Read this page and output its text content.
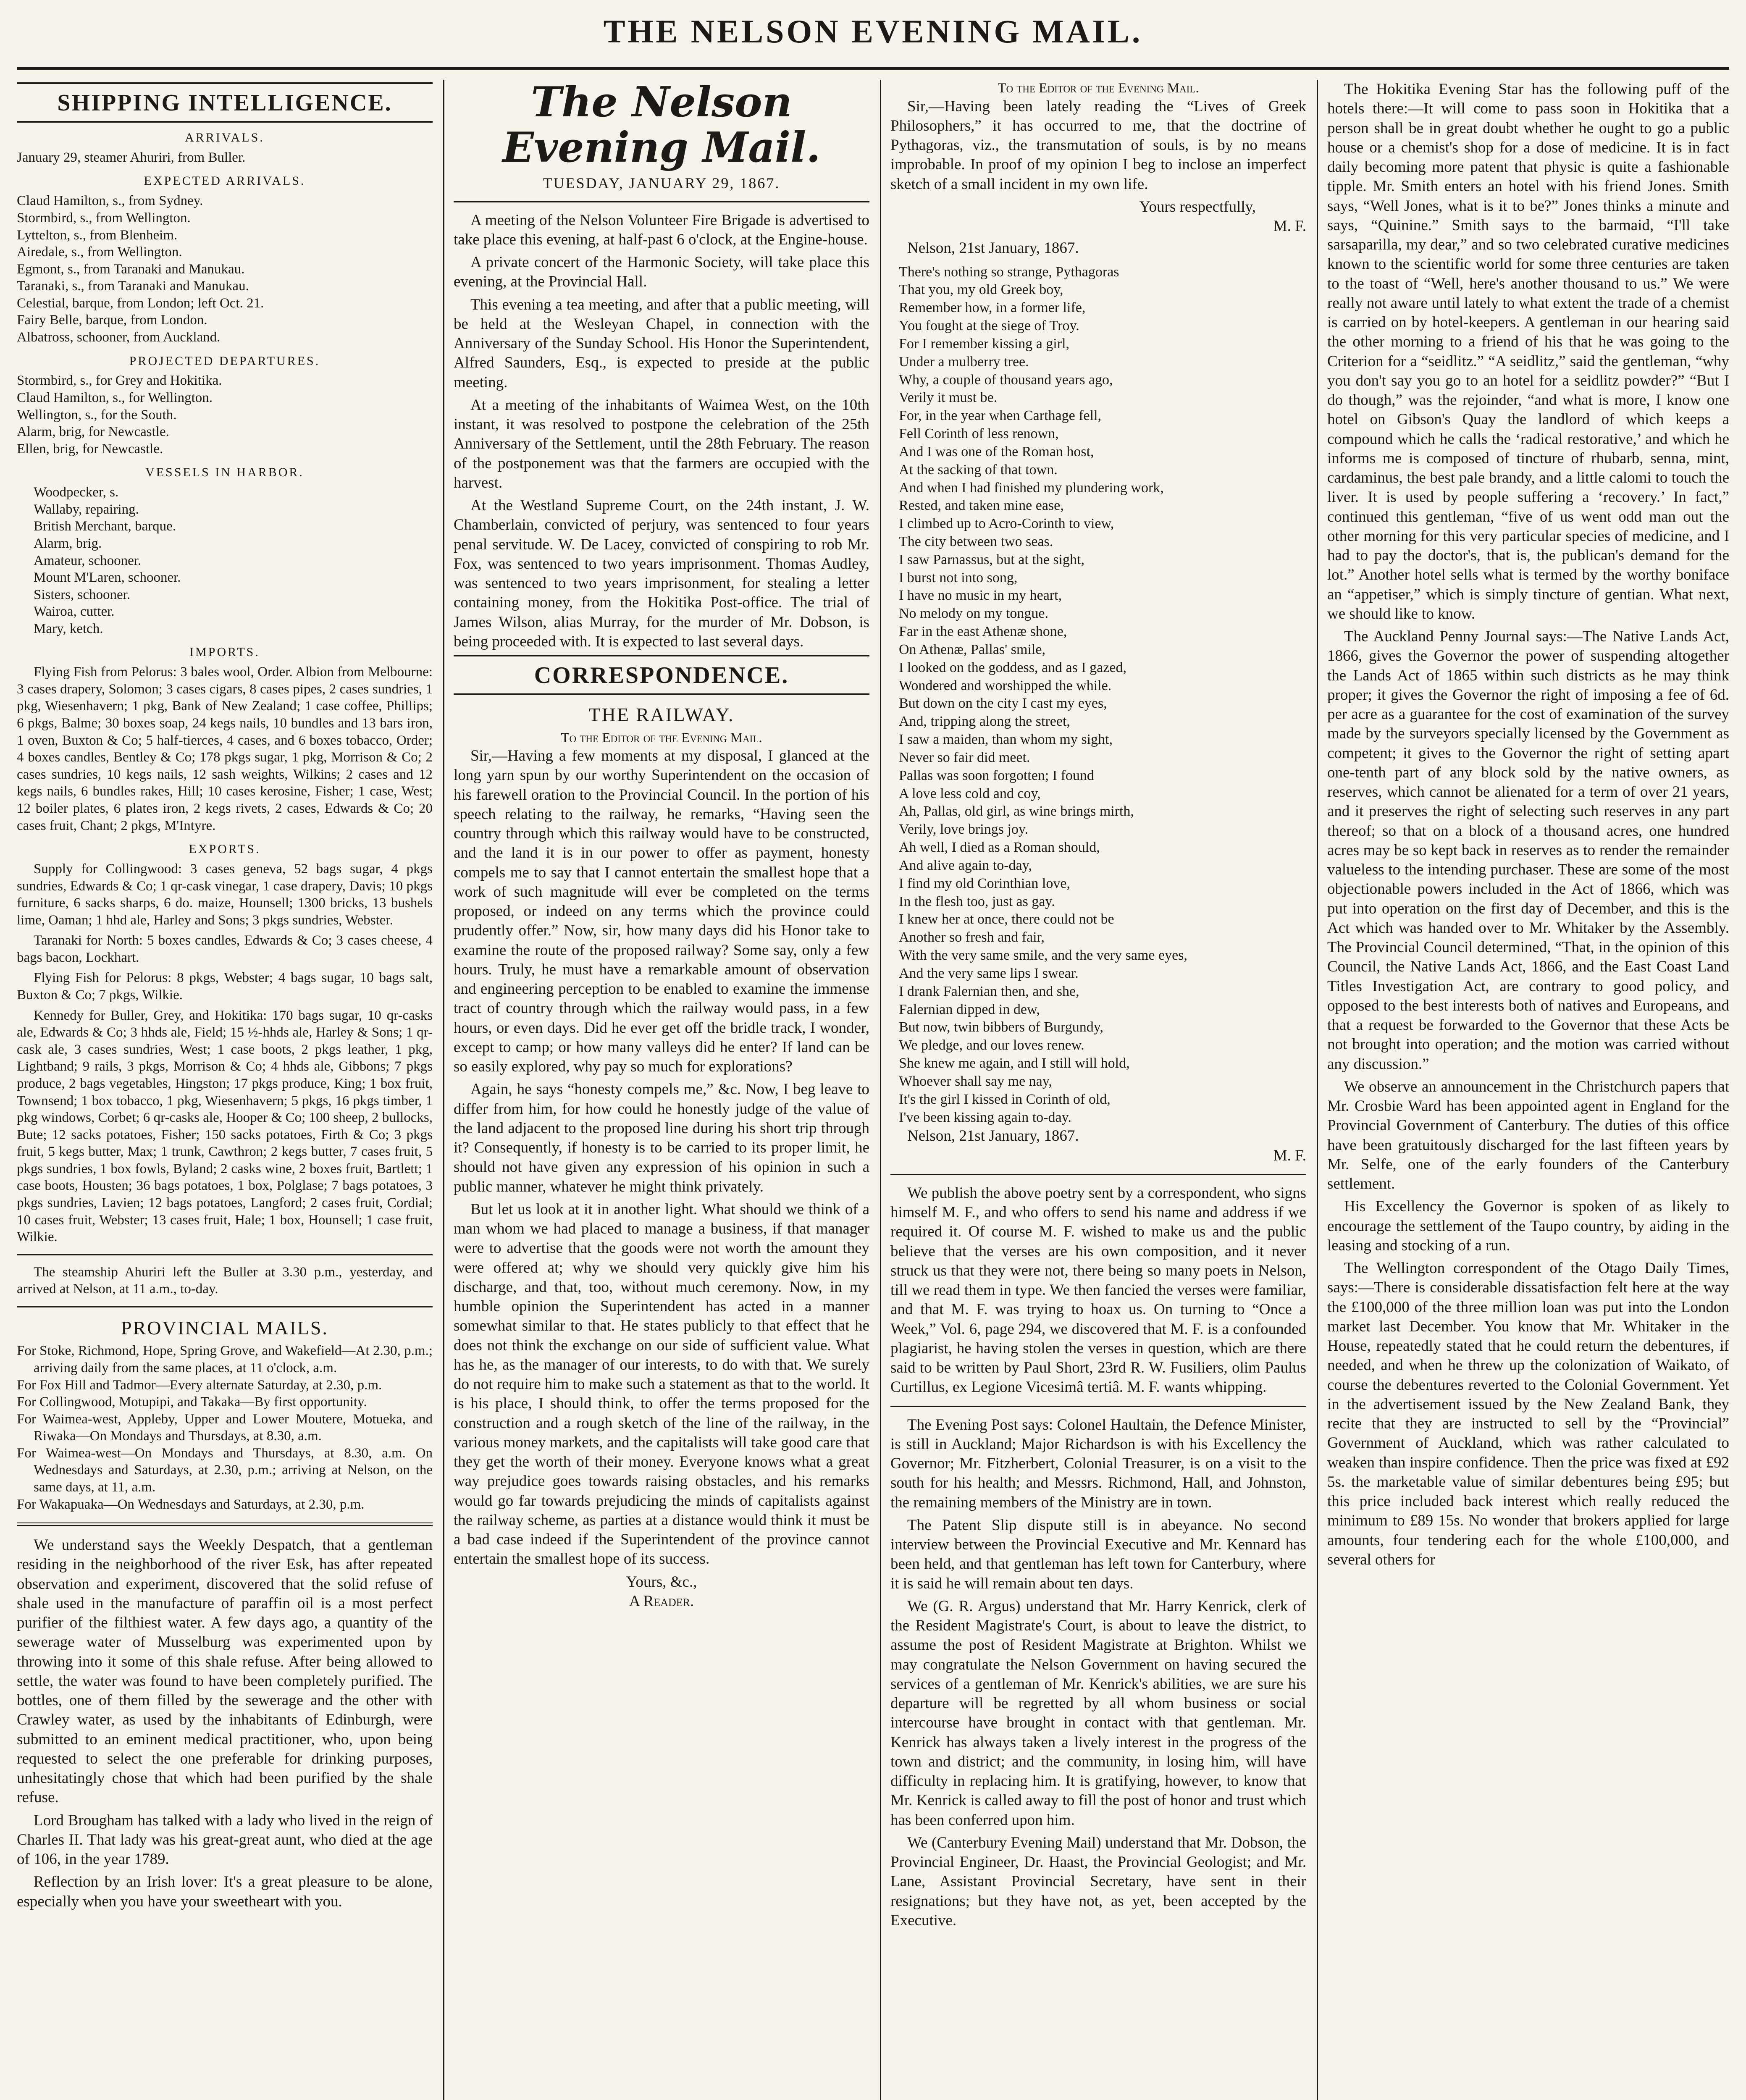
THE NELSON EVENING MAIL.
SHIPPING INTELLIGENCE.
ARRIVALS.
January 29, steamer Ahuriri, from Buller.
EXPECTED ARRIVALS.
Claud Hamilton, s., from Sydney.
Stormbird, s., from Wellington.
Lyttelton, s., from Blenheim.
Airedale, s., from Wellington.
Egmont, s., from Taranaki and Manukau.
Taranaki, s., from Taranaki and Manukau.
Celestial, barque, from London; left Oct. 21.
Fairy Belle, barque, from London.
Albatross, schooner, from Auckland.
PROJECTED DEPARTURES.
Stormbird, s., for Grey and Hokitika.
Claud Hamilton, s., for Wellington.
Wellington, s., for the South.
Alarm, brig, for Newcastle.
Ellen, brig, for Newcastle.
VESSELS IN HARBOR.
Woodpecker, s.
Wallaby, repairing.
British Merchant, barque.
Alarm, brig.
Amateur, schooner.
Mount M'Laren, schooner.
Sisters, schooner.
Wairoa, cutter.
Mary, ketch.
IMPORTS.

Flying Fish from Pelorus: 3 bales wool, Order. Albion from Melbourne: 3 cases drapery, Solomon; 3 cases cigars, 8 cases pipes, 2 cases sundries, 1 pkg, Wiesenhavern; 1 pkg, Bank of New Zealand; 1 case coffee, Phillips; 6 pkgs, Balme; 30 boxes soap, 24 kegs nails, 10 bundles and 13 bars iron, 1 oven, Buxton & Co; 5 half-tierces, 4 cases, and 6 boxes tobacco, Order; 4 boxes candles, Bentley & Co; 178 pkgs sugar, 1 pkg, Morrison & Co; 2 cases sundries, 10 kegs nails, 12 sash weights, Wilkins; 2 cases and 12 kegs nails, 6 bundles rakes, Hill; 10 cases kerosine, Fisher; 1 case, West; 12 boiler plates, 6 plates iron, 2 kegs rivets, 2 cases, Edwards & Co; 20 cases fruit, Chant; 2 pkgs, M'Intyre.

EXPORTS.

Supply for Collingwood: 3 cases geneva, 52 bags sugar, 4 pkgs sundries, Edwards & Co; 1 qr-cask vinegar, 1 case drapery, Davis; 10 pkgs furniture, 6 sacks sharps, 6 do. maize, Hounsell; 1300 bricks, 13 bushels lime, Oaman; 1 hhd ale, Harley and Sons; 3 pkgs sundries, Webster.

Taranaki for North: 5 boxes candles, Edwards & Co; 3 cases cheese, 4 bags bacon, Lockhart.

Flying Fish for Pelorus: 8 pkgs, Webster; 4 bags sugar, 10 bags salt, Buxton & Co; 7 pkgs, Wilkie.

Kennedy for Buller, Grey, and Hokitika: 170 bags sugar, 10 qr-casks ale, Edwards & Co; 3 hhds ale, Field; 15 ½-hhds ale, Harley & Sons; 1 qr-cask ale, 3 cases sundries, West; 1 case boots, 2 pkgs leather, 1 pkg, Lightband; 9 rails, 3 pkgs, Morrison & Co; 4 hhds ale, Gibbons; 7 pkgs produce, 2 bags vegetables, Hingston; 17 pkgs produce, King; 1 box fruit, Townsend; 1 box tobacco, 1 pkg, Wiesenhavern; 5 pkgs, 16 pkgs timber, 1 pkg windows, Corbet; 6 qr-casks ale, Hooper & Co; 100 sheep, 2 bullocks, Bute; 12 sacks potatoes, Fisher; 150 sacks potatoes, Firth & Co; 3 pkgs fruit, 5 kegs butter, Max; 1 trunk, Cawthron; 2 kegs butter, 7 cases fruit, 5 pkgs sundries, 1 box fowls, Byland; 2 casks wine, 2 boxes fruit, Bartlett; 1 case boots, Housten; 36 bags potatoes, 1 box, Polglase; 7 bags potatoes, 3 pkgs sundries, Lavien; 12 bags potatoes, Langford; 2 cases fruit, Cordial; 10 cases fruit, Webster; 13 cases fruit, Hale; 1 box, Hounsell; 1 case fruit, Wilkie.

The steamship Ahuriri left the Buller at 3.30 p.m., yesterday, and arrived at Nelson, at 11 a.m., to-day.

PROVINCIAL MAILS.
For Stoke, Richmond, Hope, Spring Grove, and Wakefield—At 2.30, p.m.; arriving daily from the same places, at 11 o'clock, a.m.
For Fox Hill and Tadmor—Every alternate Saturday, at 2.30, p.m.
For Collingwood, Motupipi, and Takaka—By first opportunity.
For Waimea-west, Appleby, Upper and Lower Moutere, Motueka, and Riwaka—On Mondays and Thursdays, at 8.30, a.m.
For Waimea-west—On Mondays and Thursdays, at 8.30, a.m. On Wednesdays and Saturdays, at 2.30, p.m.; arriving at Nelson, on the same days, at 11, a.m.
For Wakapuaka—On Wednesdays and Saturdays, at 2.30, p.m.

We understand says the Weekly Despatch, that a gentleman residing in the neighborhood of the river Esk, has after repeated observation and experiment, discovered that the solid refuse of shale used in the manufacture of paraffin oil is a most perfect purifier of the filthiest water. A few days ago, a quantity of the sewerage water of Musselburg was experimented upon by throwing into it some of this shale refuse. After being allowed to settle, the water was found to have been completely purified. The bottles, one of them filled by the sewerage and the other with Crawley water, as used by the inhabitants of Edinburgh, were submitted to an eminent medical practitioner, who, upon being requested to select the one preferable for drinking purposes, unhesitatingly chose that which had been purified by the shale refuse.

Lord Brougham has talked with a lady who lived in the reign of Charles II. That lady was his great-great aunt, who died at the age of 106, in the year 1789.

Reflection by an Irish lover: It's a great pleasure to be alone, especially when you have your sweetheart with you.

The Nelson Evening Mail.
TUESDAY, JANUARY 29, 1867.

A meeting of the Nelson Volunteer Fire Brigade is advertised to take place this evening, at half-past 6 o'clock, at the Engine-house.

A private concert of the Harmonic Society, will take place this evening, at the Provincial Hall.

This evening a tea meeting, and after that a public meeting, will be held at the Wesleyan Chapel, in connection with the Anniversary of the Sunday School. His Honor the Superintendent, Alfred Saunders, Esq., is expected to preside at the public meeting.

At a meeting of the inhabitants of Waimea West, on the 10th instant, it was resolved to postpone the celebration of the 25th Anniversary of the Settlement, until the 28th February. The reason of the postponement was that the farmers are occupied with the harvest.

At the Westland Supreme Court, on the 24th instant, J. W. Chamberlain, convicted of perjury, was sentenced to four years penal servitude. W. De Lacey, convicted of conspiring to rob Mr. Fox, was sentenced to two years imprisonment. Thomas Audley, was sentenced to two years imprisonment, for stealing a letter containing money, from the Hokitika Post-office. The trial of James Wilson, alias Murray, for the murder of Mr. Dobson, is being proceeded with. It is expected to last several days.

CORRESPONDENCE.
THE RAILWAY.
To the Editor of the Evening Mail.

Sir,—Having a few moments at my disposal, I glanced at the long yarn spun by our worthy Superintendent on the occasion of his farewell oration to the Provincial Council. In the portion of his speech relating to the railway, he remarks, “Having seen the country through which this railway would have to be constructed, and the land it is in our power to offer as payment, honesty compels me to say that I cannot entertain the smallest hope that a work of such magnitude will ever be completed on the terms proposed, or indeed on any terms which the province could prudently offer.” Now, sir, how many days did his Honor take to examine the route of the proposed railway? Some say, only a few hours. Truly, he must have a remarkable amount of observation and engineering perception to be enabled to examine the immense tract of country through which the railway would pass, in a few hours, or even days. Did he ever get off the bridle track, I wonder, except to camp; or how many valleys did he enter? If land can be so easily explored, why pay so much for explorations?

Again, he says “honesty compels me,” &c. Now, I beg leave to differ from him, for how could he honestly judge of the value of the land adjacent to the proposed line during his short trip through it? Consequently, if honesty is to be carried to its proper limit, he should not have given any expression of his opinion in such a public manner, whatever he might think privately.

But let us look at it in another light. What should we think of a man whom we had placed to manage a business, if that manager were to advertise that the goods were not worth the amount they were offered at; why we should very quickly give him his discharge, and that, too, without much ceremony. Now, in my humble opinion the Superintendent has acted in a manner somewhat similar to that. He states publicly to that effect that he does not think the exchange on our side of sufficient value. What has he, as the manager of our interests, to do with that. We surely do not require him to make such a statement as that to the world. It is his place, I should think, to offer the terms proposed for the construction and a rough sketch of the line of the railway, in the various money markets, and the capitalists will take good care that they get the worth of their money. Everyone knows what a great way prejudice goes towards raising obstacles, and his remarks would go far towards prejudicing the minds of capitalists against the railway scheme, as parties at a distance would think it must be a bad case indeed if the Superintendent of the province cannot entertain the smallest hope of its success.

Yours, &c.,
A Reader.
To the Editor of the Evening Mail.

Sir,—Having been lately reading the “Lives of Greek Philosophers,” it has occurred to me, that the doctrine of Pythagoras, viz., the transmutation of souls, is by no means improbable. In proof of my opinion I beg to inclose an imperfect sketch of a small incident in my own life.

Yours respectfully,
M. F.
Nelson, 21st January, 1867.
There's nothing so strange, Pythagoras
That you, my old Greek boy,
Remember how, in a former life,
You fought at the siege of Troy.
For I remember kissing a girl,
Under a mulberry tree.
Why, a couple of thousand years ago,
Verily it must be.
For, in the year when Carthage fell,
Fell Corinth of less renown,
And I was one of the Roman host,
At the sacking of that town.
And when I had finished my plundering work,
Rested, and taken mine ease,
I climbed up to Acro-Corinth to view,
The city between two seas.
I saw Parnassus, but at the sight,
I burst not into song,
I have no music in my heart,
No melody on my tongue.
Far in the east Athenæ shone,
On Athenæ, Pallas' smile,
I looked on the goddess, and as I gazed,
Wondered and worshipped the while.
But down on the city I cast my eyes,
And, tripping along the street,
I saw a maiden, than whom my sight,
Never so fair did meet.
Pallas was soon forgotten; I found
A love less cold and coy,
Ah, Pallas, old girl, as wine brings mirth,
Verily, love brings joy.
Ah well, I died as a Roman should,
And alive again to-day,
I find my old Corinthian love,
In the flesh too, just as gay.
I knew her at once, there could not be
Another so fresh and fair,
With the very same smile, and the very same eyes,
And the very same lips I swear.
I drank Falernian then, and she,
Falernian dipped in dew,
But now, twin bibbers of Burgundy,
We pledge, and our loves renew.
She knew me again, and I still will hold,
Whoever shall say me nay,
It's the girl I kissed in Corinth of old,
I've been kissing again to-day.
Nelson, 21st January, 1867.
M. F.

We publish the above poetry sent by a correspondent, who signs himself M. F., and who offers to send his name and address if we required it. Of course M. F. wished to make us and the public believe that the verses are his own composition, and it never struck us that they were not, there being so many poets in Nelson, till we read them in type. We then fancied the verses were familiar, and that M. F. was trying to hoax us. On turning to “Once a Week,” Vol. 6, page 294, we discovered that M. F. is a confounded plagiarist, he having stolen the verses in question, which are there said to be written by Paul Short, 23rd R. W. Fusiliers, olim Paulus Curtillus, ex Legione Vicesimâ tertiâ. M. F. wants whipping.

The Evening Post says: Colonel Haultain, the Defence Minister, is still in Auckland; Major Richardson is with his Excellency the Governor; Mr. Fitzherbert, Colonial Treasurer, is on a visit to the south for his health; and Messrs. Richmond, Hall, and Johnston, the remaining members of the Ministry are in town.

The Patent Slip dispute still is in abeyance. No second interview between the Provincial Executive and Mr. Kennard has been held, and that gentleman has left town for Canterbury, where it is said he will remain about ten days.

We (G. R. Argus) understand that Mr. Harry Kenrick, clerk of the Resident Magistrate's Court, is about to leave the district, to assume the post of Resident Magistrate at Brighton. Whilst we may congratulate the Nelson Government on having secured the services of a gentleman of Mr. Kenrick's abilities, we are sure his departure will be regretted by all whom business or social intercourse have brought in contact with that gentleman. Mr. Kenrick has always taken a lively interest in the progress of the town and district; and the community, in losing him, will have difficulty in replacing him. It is gratifying, however, to know that Mr. Kenrick is called away to fill the post of honor and trust which has been conferred upon him.

We (Canterbury Evening Mail) understand that Mr. Dobson, the Provincial Engineer, Dr. Haast, the Provincial Geologist; and Mr. Lane, Assistant Provincial Secretary, have sent in their resignations; but they have not, as yet, been accepted by the Executive.

The Hokitika Evening Star has the following puff of the hotels there:—It will come to pass soon in Hokitika that a person shall be in great doubt whether he ought to go a public house or a chemist's shop for a dose of medicine. It is in fact daily becoming more patent that physic is quite a fashionable tipple. Mr. Smith enters an hotel with his friend Jones. Smith says, “Well Jones, what is it to be?” Jones thinks a minute and says, “Quinine.” Smith says to the barmaid, “I'll take sarsaparilla, my dear,” and so two celebrated curative medicines known to the scientific world for some three centuries are taken to the toast of “Well, here's another thousand to us.” We were really not aware until lately to what extent the trade of a chemist is carried on by hotel-keepers. A gentleman in our hearing said the other morning to a friend of his that he was going to the Criterion for a “seidlitz.” “A seidlitz,” said the gentleman, “why you don't say you go to an hotel for a seidlitz powder?” “But I do though,” was the rejoinder, “and what is more, I know one hotel on Gibson's Quay the landlord of which keeps a compound which he calls the ‘radical restorative,’ and which he informs me is composed of tincture of rhubarb, senna, mint, cardaminus, the best pale brandy, and a little calomi to touch the liver. It is used by people suffering a ‘recovery.’ In fact,” continued this gentleman, “five of us went odd man out the other morning for this very particular species of medicine, and I had to pay the doctor's, that is, the publican's demand for the lot.” Another hotel sells what is termed by the worthy boniface an “appetiser,” which is simply tincture of gentian. What next, we should like to know.

The Auckland Penny Journal says:—The Native Lands Act, 1866, gives the Governor the power of suspending altogether the Lands Act of 1865 within such districts as he may think proper; it gives the Governor the right of imposing a fee of 6d. per acre as a guarantee for the cost of examination of the survey made by the surveyors specially licensed by the Government as competent; it gives to the Governor the right of setting apart one-tenth part of any block sold by the native owners, as reserves, which cannot be alienated for a term of over 21 years, and it preserves the right of selecting such reserves in any part thereof; so that on a block of a thousand acres, one hundred acres may be so kept back in reserves as to render the remainder valueless to the intending purchaser. These are some of the most objectionable powers included in the Act of 1866, which was put into operation on the first day of December, and this is the Act which was handed over to Mr. Whitaker by the Assembly. The Provincial Council determined, “That, in the opinion of this Council, the Native Lands Act, 1866, and the East Coast Land Titles Investigation Act, are contrary to good policy, and opposed to the best interests both of natives and Europeans, and that a request be forwarded to the Governor that these Acts be not brought into operation; and the motion was carried without any discussion.”

We observe an announcement in the Christchurch papers that Mr. Crosbie Ward has been appointed agent in England for the Provincial Government of Canterbury. The duties of this office have been gratuitously discharged for the last fifteen years by Mr. Selfe, one of the early founders of the Canterbury settlement.

His Excellency the Governor is spoken of as likely to encourage the settlement of the Taupo country, by aiding in the leasing and stocking of a run.

The Wellington correspondent of the Otago Daily Times, says:—There is considerable dissatisfaction felt here at the way the £100,000 of the three million loan was put into the London market last December. You know that Mr. Whitaker in the House, repeatedly stated that he could return the debentures, if needed, and when he threw up the colonization of Waikato, of course the debentures reverted to the Colonial Government. Yet in the advertisement issued by the New Zealand Bank, they recite that they are instructed to sell by the “Provincial” Government of Auckland, which was rather calculated to weaken than inspire confidence. Then the price was fixed at £92 5s. the marketable value of similar debentures being £95; but this price included back interest which really reduced the minimum to £89 15s. No wonder that brokers applied for large amounts, four tendering each for the whole £100,000, and several others for
